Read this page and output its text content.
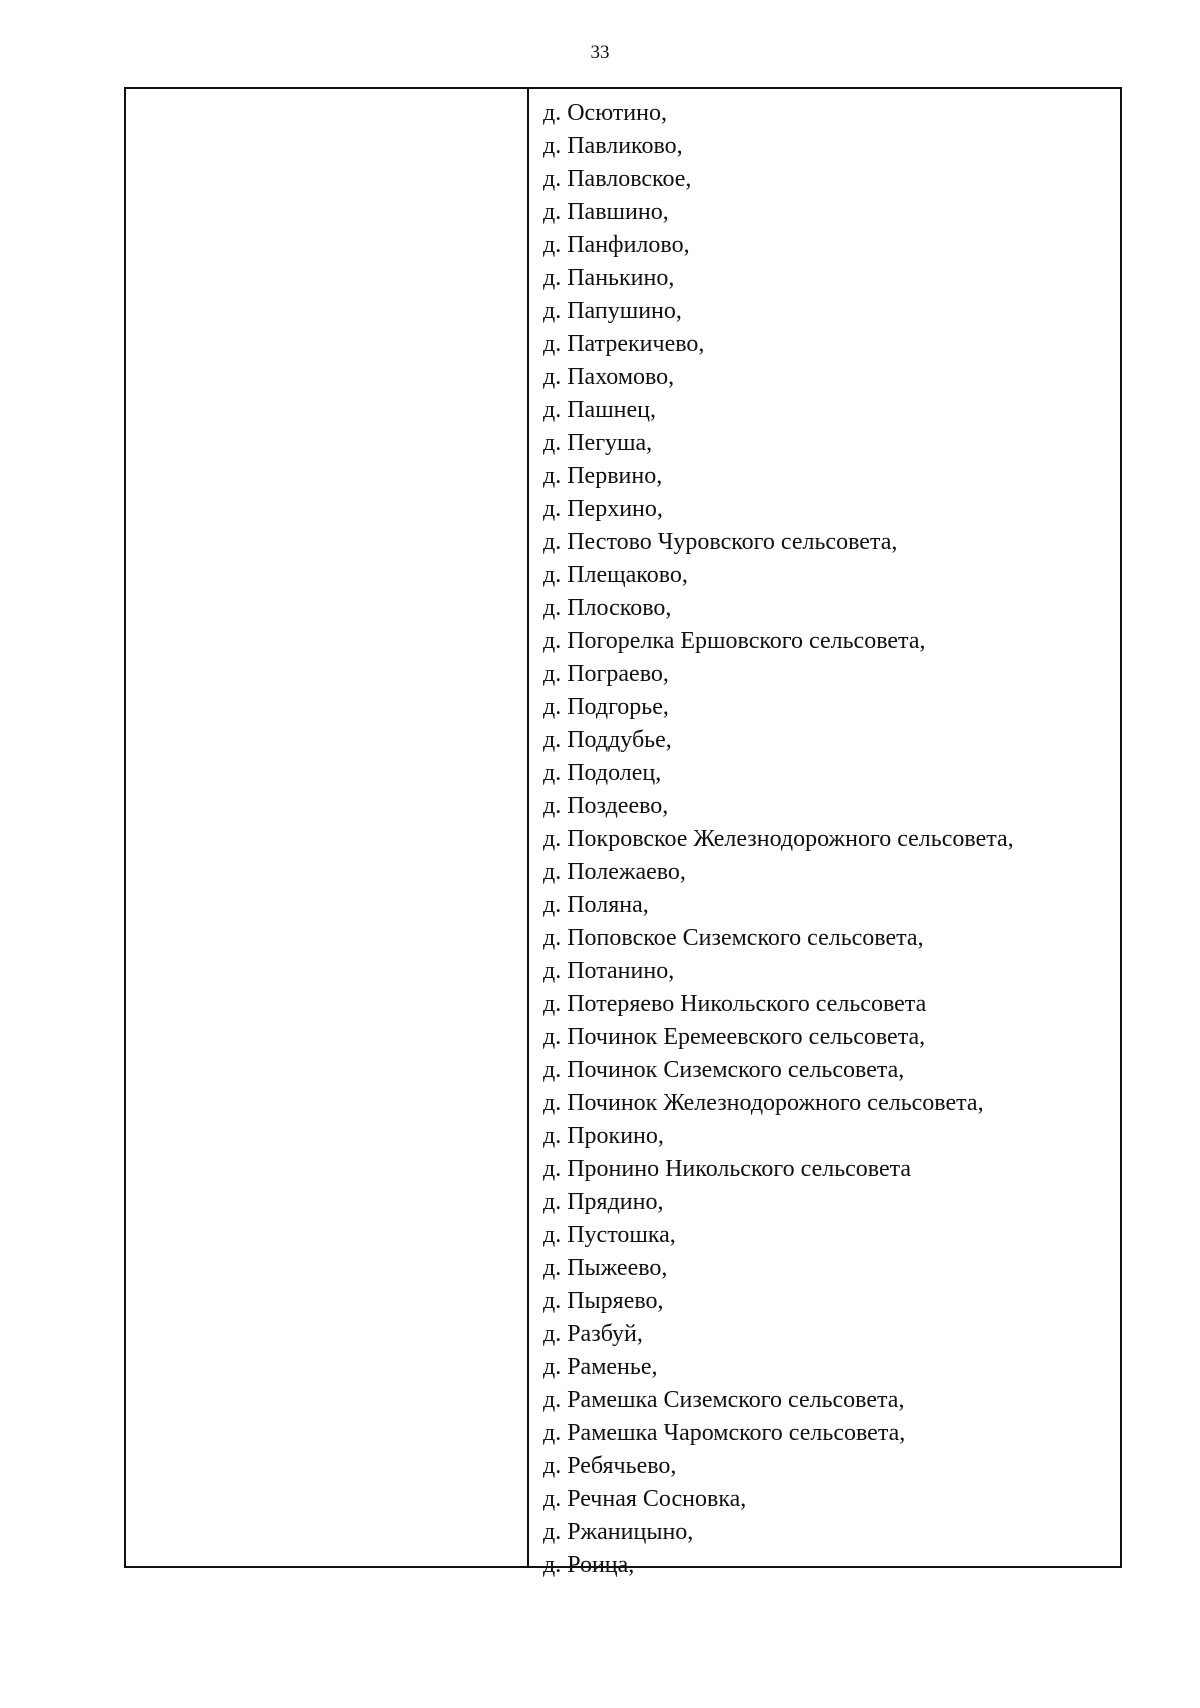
33
д. Осютино,
д. Павликово,
д. Павловское,
д. Павшино,
д. Панфилово,
д. Панькино,
д. Папушино,
д. Патрекичево,
д. Пахомово,
д. Пашнец,
д. Пегуша,
д. Первино,
д. Перхино,
д. Пестово Чуровского сельсовета,
д. Плещаково,
д. Плосково,
д. Погорелка Ершовского сельсовета,
д. Пограево,
д. Подгорье,
д. Поддубье,
д. Подолец,
д. Поздеево,
д. Покровское Железнодорожного сельсовета,
д. Полежаево,
д. Поляна,
д. Поповское Сиземского сельсовета,
д. Потанино,
д. Потеряево Никольского сельсовета
д. Починок Еремеевского сельсовета,
д. Починок Сиземского сельсовета,
д. Починок Железнодорожного сельсовета,
д. Прокино,
д. Пронино Никольского сельсовета
д. Прядино,
д. Пустошка,
д. Пыжеево,
д. Пыряево,
д. Разбуй,
д. Раменье,
д. Рамешка Сиземского сельсовета,
д. Рамешка Чаромского сельсовета,
д. Ребячьево,
д. Речная Сосновка,
д. Ржаницыно,
д. Роица,
